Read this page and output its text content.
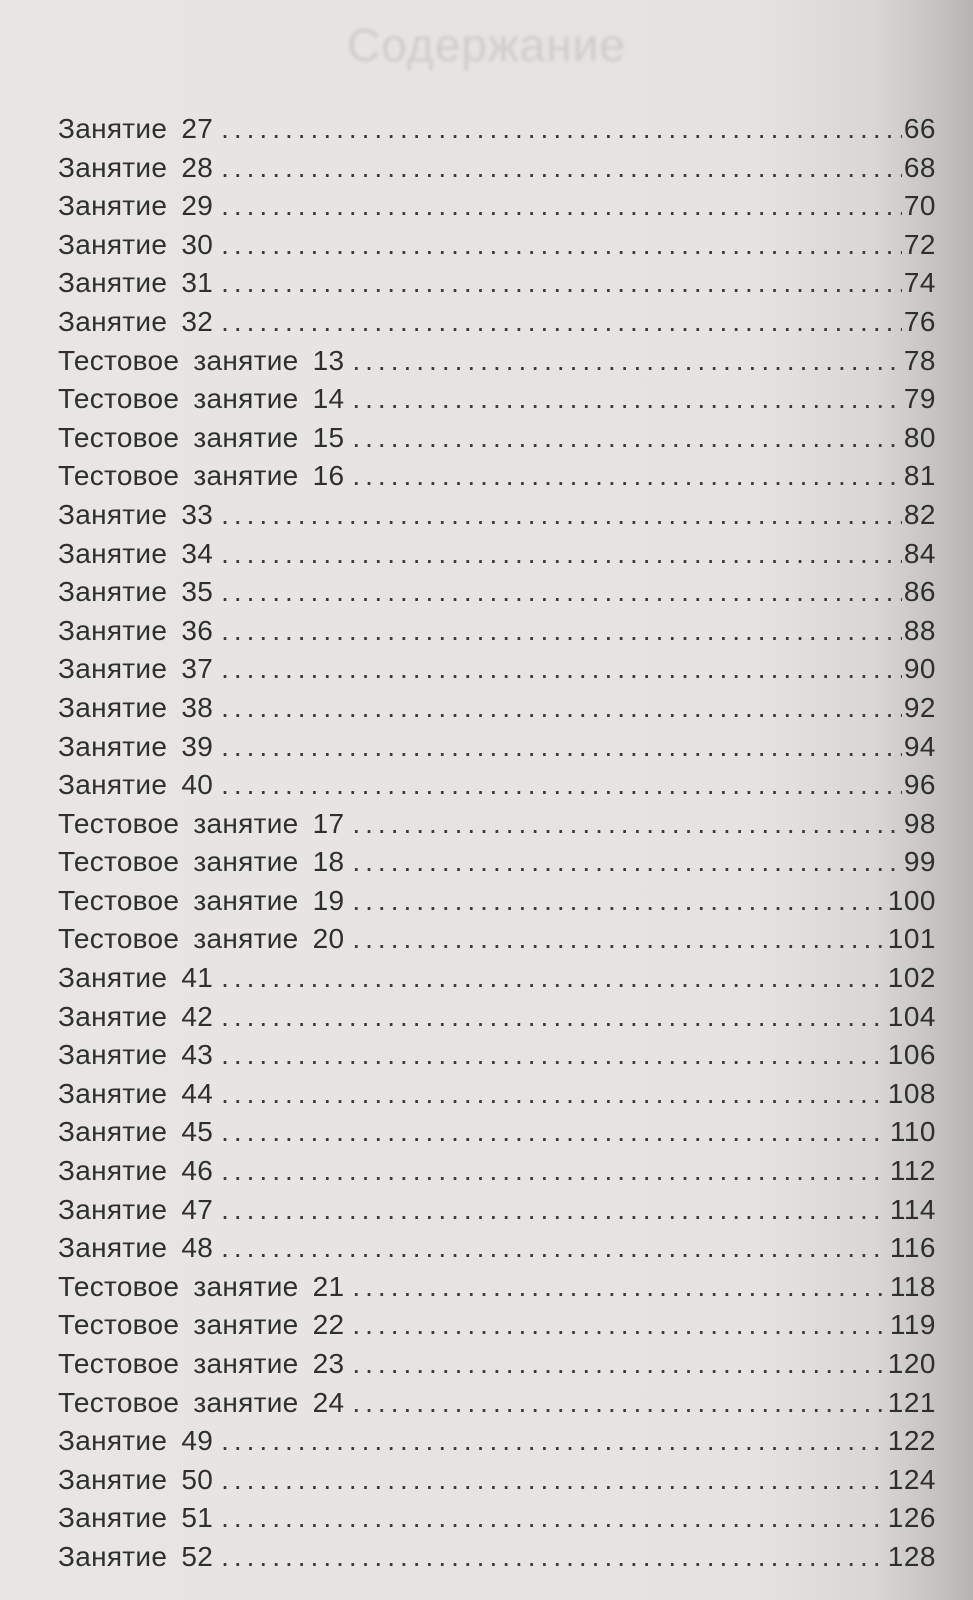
Содержание
Занятие 27 .....	66
Занятие 28 .....	68
Занятие 29 .....	70
Занятие 30 .....	72
Занятие 31 .....	74
Занятие 32 .....	76
Тестовое занятие 13 .....	78
Тестовое занятие 14 .....	79
Тестовое занятие 15 .....	80
Тестовое занятие 16 .....	81
Занятие 33 .....	82
Занятие 34 .....	84
Занятие 35 .....	86
Занятие 36 .....	88
Занятие 37 .....	90
Занятие 38 .....	92
Занятие 39 .....	94
Занятие 40 .....	96
Тестовое занятие 17 .....	98
Тестовое занятие 18 .....	99
Тестовое занятие 19 .....	100
Тестовое занятие 20 .....	101
Занятие 41 .....	102
Занятие 42 .....	104
Занятие 43 .....	106
Занятие 44 .....	108
Занятие 45 .....	110
Занятие 46 .....	112
Занятие 47 .....	114
Занятие 48 .....	116
Тестовое занятие 21 .....	118
Тестовое занятие 22 .....	119
Тестовое занятие 23 .....	120
Тестовое занятие 24 .....	121
Занятие 49 .....	122
Занятие 50 .....	124
Занятие 51 .....	126
Занятие 52 .....	128
